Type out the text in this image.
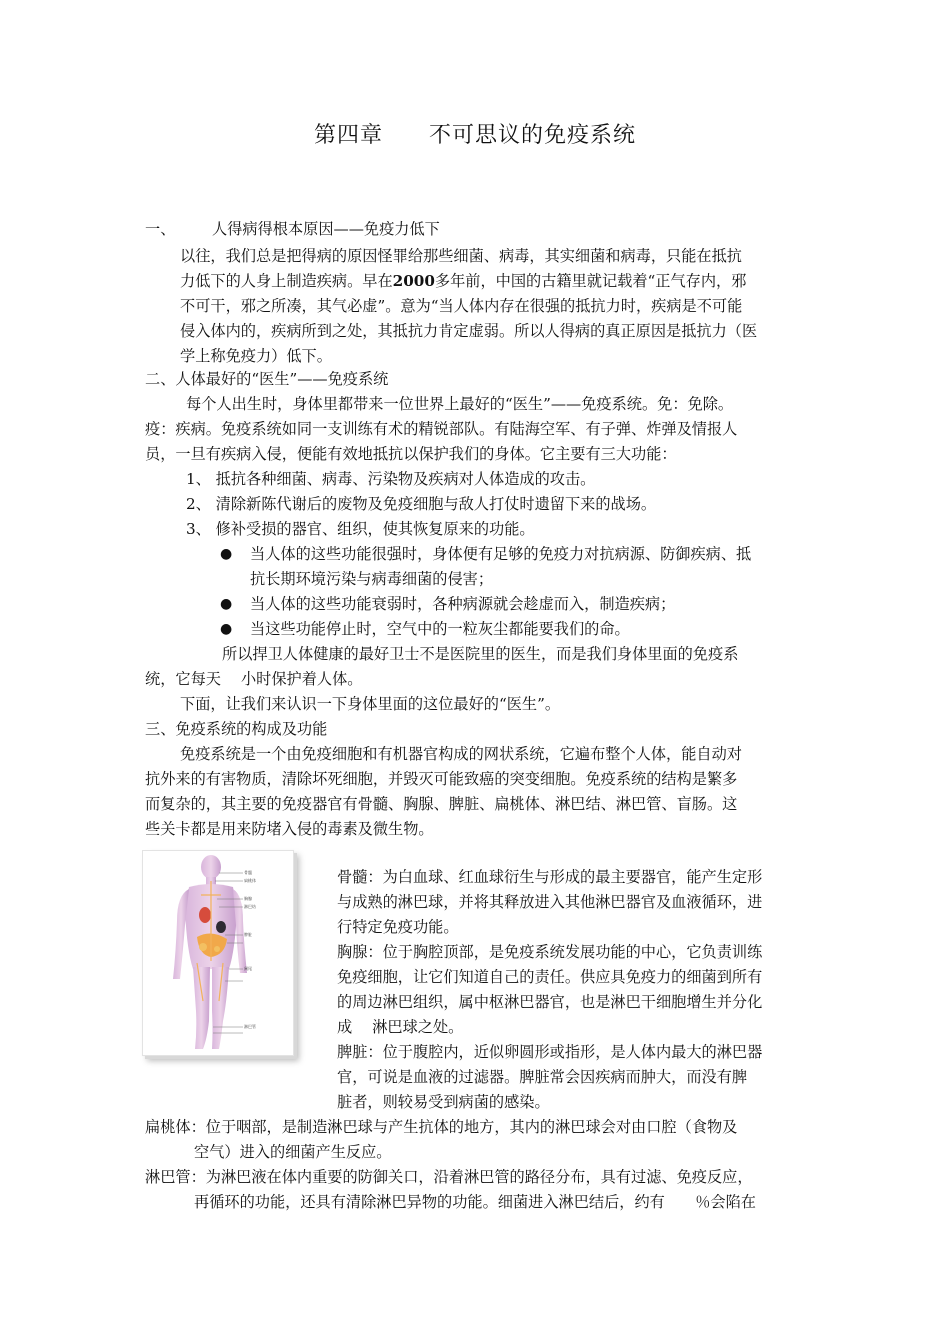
第四章　　不可思议的免疫系统
一、 人得病得根本原因——免疫力低下
以往，我们总是把得病的原因怪罪给那些细菌、病毒，其实细菌和病毒，只能在抵抗
力低下的人身上制造疾病。早在2000多年前，中国的古籍里就记载着“正气存内，邪
不可干，邪之所凑，其气必虚”。意为“当人体内存在很强的抵抗力时，疾病是不可能
侵入体内的，疾病所到之处，其抵抗力肯定虚弱。所以人得病的真正原因是抵抗力（医
学上称免疫力）低下。
二、人体最好的“医生”——免疫系统
每个人出生时，身体里都带来一位世界上最好的“医生”——免疫系统。免：免除。
疫：疾病。免疫系统如同一支训练有术的精锐部队。有陆海空军、有子弹、炸弹及情报人
员，一旦有疾病入侵，便能有效地抵抗以保护我们的身体。它主要有三大功能：
1、 抵抗各种细菌、病毒、污染物及疾病对人体造成的攻击。
2、 清除新陈代谢后的废物及免疫细胞与敌人打仗时遗留下来的战场。
3、 修补受损的器官、组织，使其恢复原来的功能。
● 当人体的这些功能很强时，身体便有足够的免疫力对抗病源、防御疾病、抵
抗长期环境污染与病毒细菌的侵害；
● 当人体的这些功能衰弱时，各种病源就会趁虚而入，制造疾病；
● 当这些功能停止时，空气中的一粒灰尘都能要我们的命。
所以捍卫人体健康的最好卫士不是医院里的医生，而是我们身体里面的免疫系
统，它每天　 小时保护着人体。
下面，让我们来认识一下身体里面的这位最好的“医生”。
三、免疫系统的构成及功能
免疫系统是一个由免疫细胞和有机器官构成的网状系统，它遍布整个人体，能自动对
抗外来的有害物质，清除坏死细胞，并毁灭可能致癌的突变细胞。免疫系统的结构是繁多
而复杂的，其主要的免疫器官有骨髓、胸腺、脾脏、扁桃体、淋巴结、淋巴管、盲肠。这
些关卡都是用来防堵入侵的毒素及微生物。
骨髓
扁桃体
胸腺
淋巴结
脾脏
阑尾
淋巴管
骨髓：为白血球、红血球衍生与形成的最主要器官，能产生定形
与成熟的淋巴球，并将其释放进入其他淋巴器官及血液循环，进
行特定免疫功能。
胸腺：位于胸腔顶部，是免疫系统发展功能的中心，它负责训练
免疫细胞，让它们知道自己的责任。供应具免疫力的细菌到所有
的周边淋巴组织，属中枢淋巴器官，也是淋巴干细胞增生并分化
成　 淋巴球之处。
脾脏：位于腹腔内，近似卵圆形或指形，是人体内最大的淋巴器
官，可说是血液的过滤器。脾脏常会因疾病而肿大，而没有脾
脏者，则较易受到病菌的感染。
扁桃体：位于咽部，是制造淋巴球与产生抗体的地方，其内的淋巴球会对由口腔（食物及
空气）进入的细菌产生反应。
淋巴管：为淋巴液在体内重要的防御关口，沿着淋巴管的路径分布，具有过滤、免疫反应，
再循环的功能，还具有清除淋巴异物的功能。细菌进入淋巴结后，约有　　％会陷在
